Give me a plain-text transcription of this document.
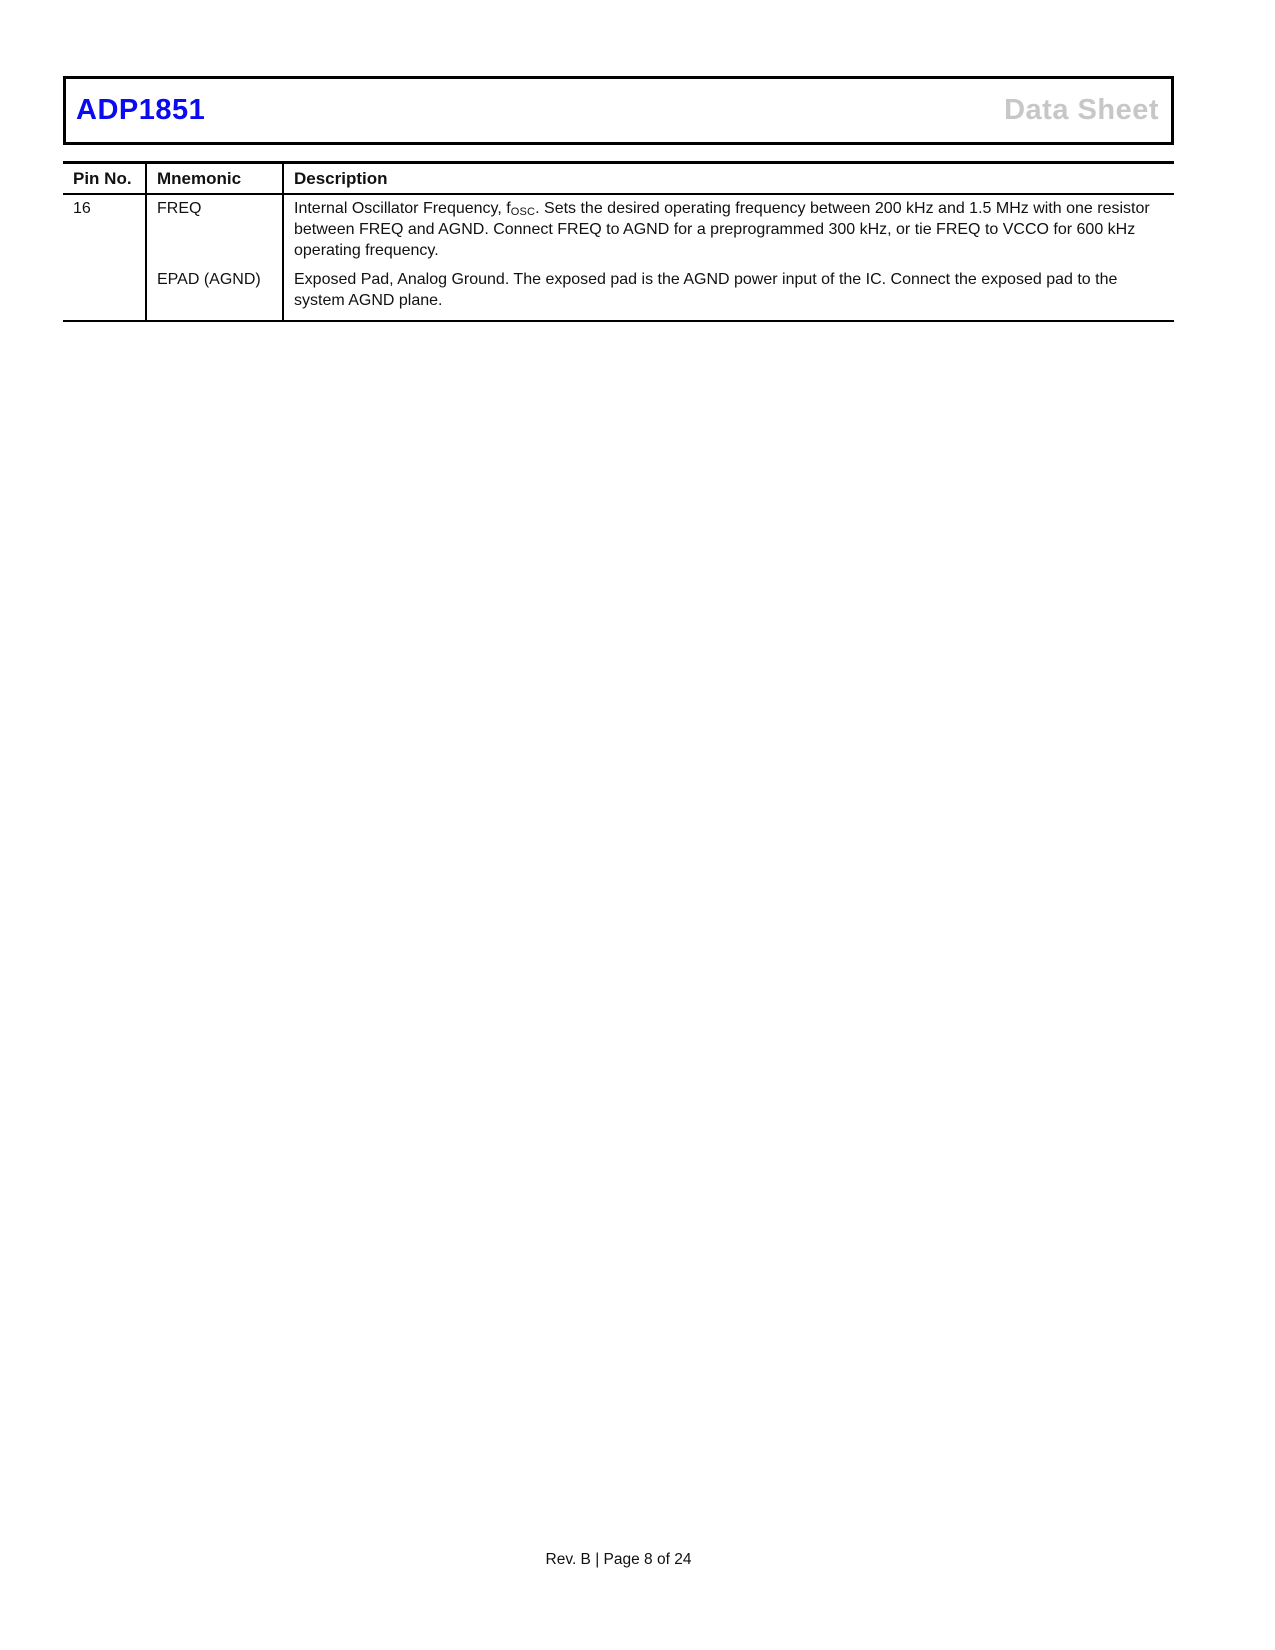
ADP1851	Data Sheet
Pin No.	Mnemonic	Description
16	FREQ	Internal Oscillator Frequency, $f_{OSC}$. Sets the desired operating frequency between 200 kHz and 1.5 MHz with one resistor between FREQ and AGND. Connect FREQ to AGND for a preprogrammed 300 kHz, or tie FREQ to VCCO for 600 kHz operating frequency.
	EPAD (AGND)	Exposed Pad, Analog Ground. The exposed pad is the AGND power input of the IC. Connect the exposed pad to the system AGND plane.
Rev. B | Page 8 of 24
